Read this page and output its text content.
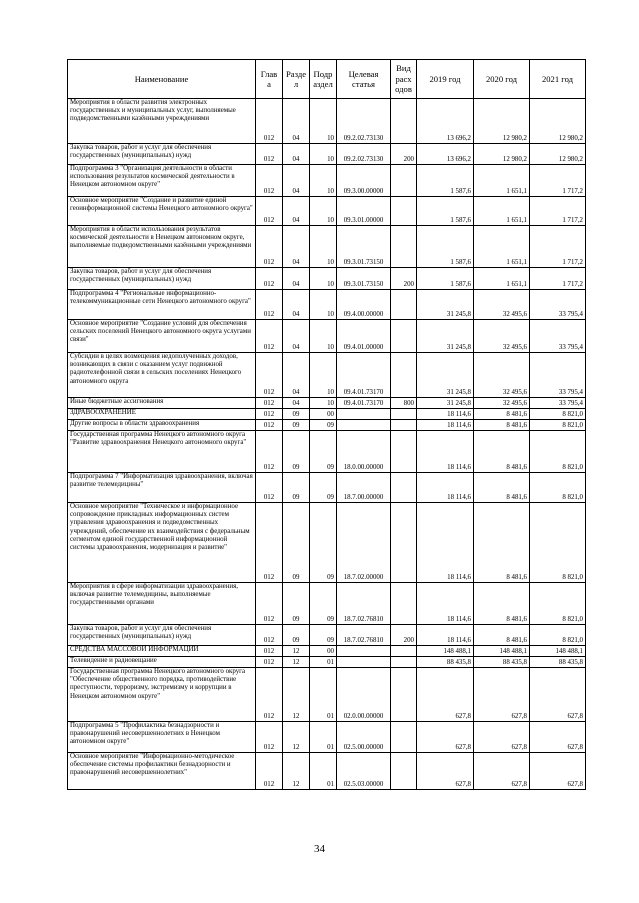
Наименование	Глав а	Разде л	Подр аздел	Целевая статья	Вид расх одов	2019 год	2020 год	2021 год
Мероприятия в области развития электронных государственных и муниципальных услуг, выполняемые подведомственными казёнными учреждениями	012	04	10	09.2.02.73130		13 696,2	12 980,2	12 980,2
Закупка товаров, работ и услуг для обеспечения государственных (муниципальных) нужд	012	04	10	09.2.02.73130	200	13 696,2	12 980,2	12 980,2
Подпрограмма 3 "Организация деятельности в области использования результатов космической деятельности в Ненецком автономном округе"	012	04	10	09.3.00.00000		1 587,6	1 651,1	1 717,2
Основное мероприятие "Создание и развитие единой геоинформационной системы Ненецкого автономного округа"	012	04	10	09.3.01.00000		1 587,6	1 651,1	1 717,2
Мероприятия в области использования результатов космической деятельности в Ненецком автономном округе, выполняемые подведомственными казёнными учреждениями	012	04	10	09.3.01.73150		1 587,6	1 651,1	1 717,2
Закупка товаров, работ и услуг для обеспечения государственных (муниципальных) нужд	012	04	10	09.3.01.73150	200	1 587,6	1 651,1	1 717,2
Подпрограмма 4 "Региональные информационно-телекоммуникационные сети Ненецкого автономного округа"	012	04	10	09.4.00.00000		31 245,8	32 495,6	33 795,4
Основное мероприятие "Создание условий для обеспечения сельских поселений Ненецкого автономного округа услугами связи"	012	04	10	09.4.01.00000		31 245,8	32 495,6	33 795,4
Субсидии в целях возмещения недополученных доходов, возникающих в связи с оказанием услуг подвижной радиотелефонной связи в сельских поселениях Ненецкого автономного округа	012	04	10	09.4.01.73170		31 245,8	32 495,6	33 795,4
Иные бюджетные ассигнования	012	04	10	09.4.01.73170	800	31 245,8	32 495,6	33 795,4
ЗДРАВООХРАНЕНИЕ	012	09	00			18 114,6	8 481,6	8 821,0
Другие вопросы в области здравоохранения	012	09	09			18 114,6	8 481,6	8 821,0
Государственная программа Ненецкого автономного округа "Развитие здравоохранения Ненецкого автономного округа"	012	09	09	18.0.00.00000		18 114,6	8 481,6	8 821,0
Подпрограмма 7 "Информатизация здравоохранения, включая развитие телемедицины"	012	09	09	18.7.00.00000		18 114,6	8 481,6	8 821,0
Основное мероприятие "Техническое и информационное сопровождение прикладных информационных систем управления здравоохранения и подведомственных учреждений, обеспечение их взаимодействия с федеральным сегментом единой государственной информационной системы здравоохранения, модернизация и развитие"	012	09	09	18.7.02.00000		18 114,6	8 481,6	8 821,0
Мероприятия в сфере информатизации здравоохранения, включая развитие телемедицины, выполняемые государственными органами	012	09	09	18.7.02.76810		18 114,6	8 481,6	8 821,0
Закупка товаров, работ и услуг для обеспечения государственных (муниципальных) нужд	012	09	09	18.7.02.76810	200	18 114,6	8 481,6	8 821,0
СРЕДСТВА МАССОВОЙ ИНФОРМАЦИИ	012	12	00			148 488,1	148 488,1	148 488,1
Телевидение и радиовещание	012	12	01			88 435,8	88 435,8	88 435,8
Государственная программа Ненецкого автономного округа "Обеспечение общественного порядка, противодействие преступности, терроризму, экстремизму и коррупции в Ненецком автономном округе"	012	12	01	02.0.00.00000		627,8	627,8	627,8
Подпрограмма 5 "Профилактика безнадзорности и правонарушений несовершеннолетних в Ненецком автономном округе"	012	12	01	02.5.00.00000		627,8	627,8	627,8
Основное мероприятие "Информационно-методическое обеспечение системы профилактики безнадзорности и правонарушений несовершеннолетних"	012	12	01	02.5.03.00000		627,8	627,8	627,8
34
